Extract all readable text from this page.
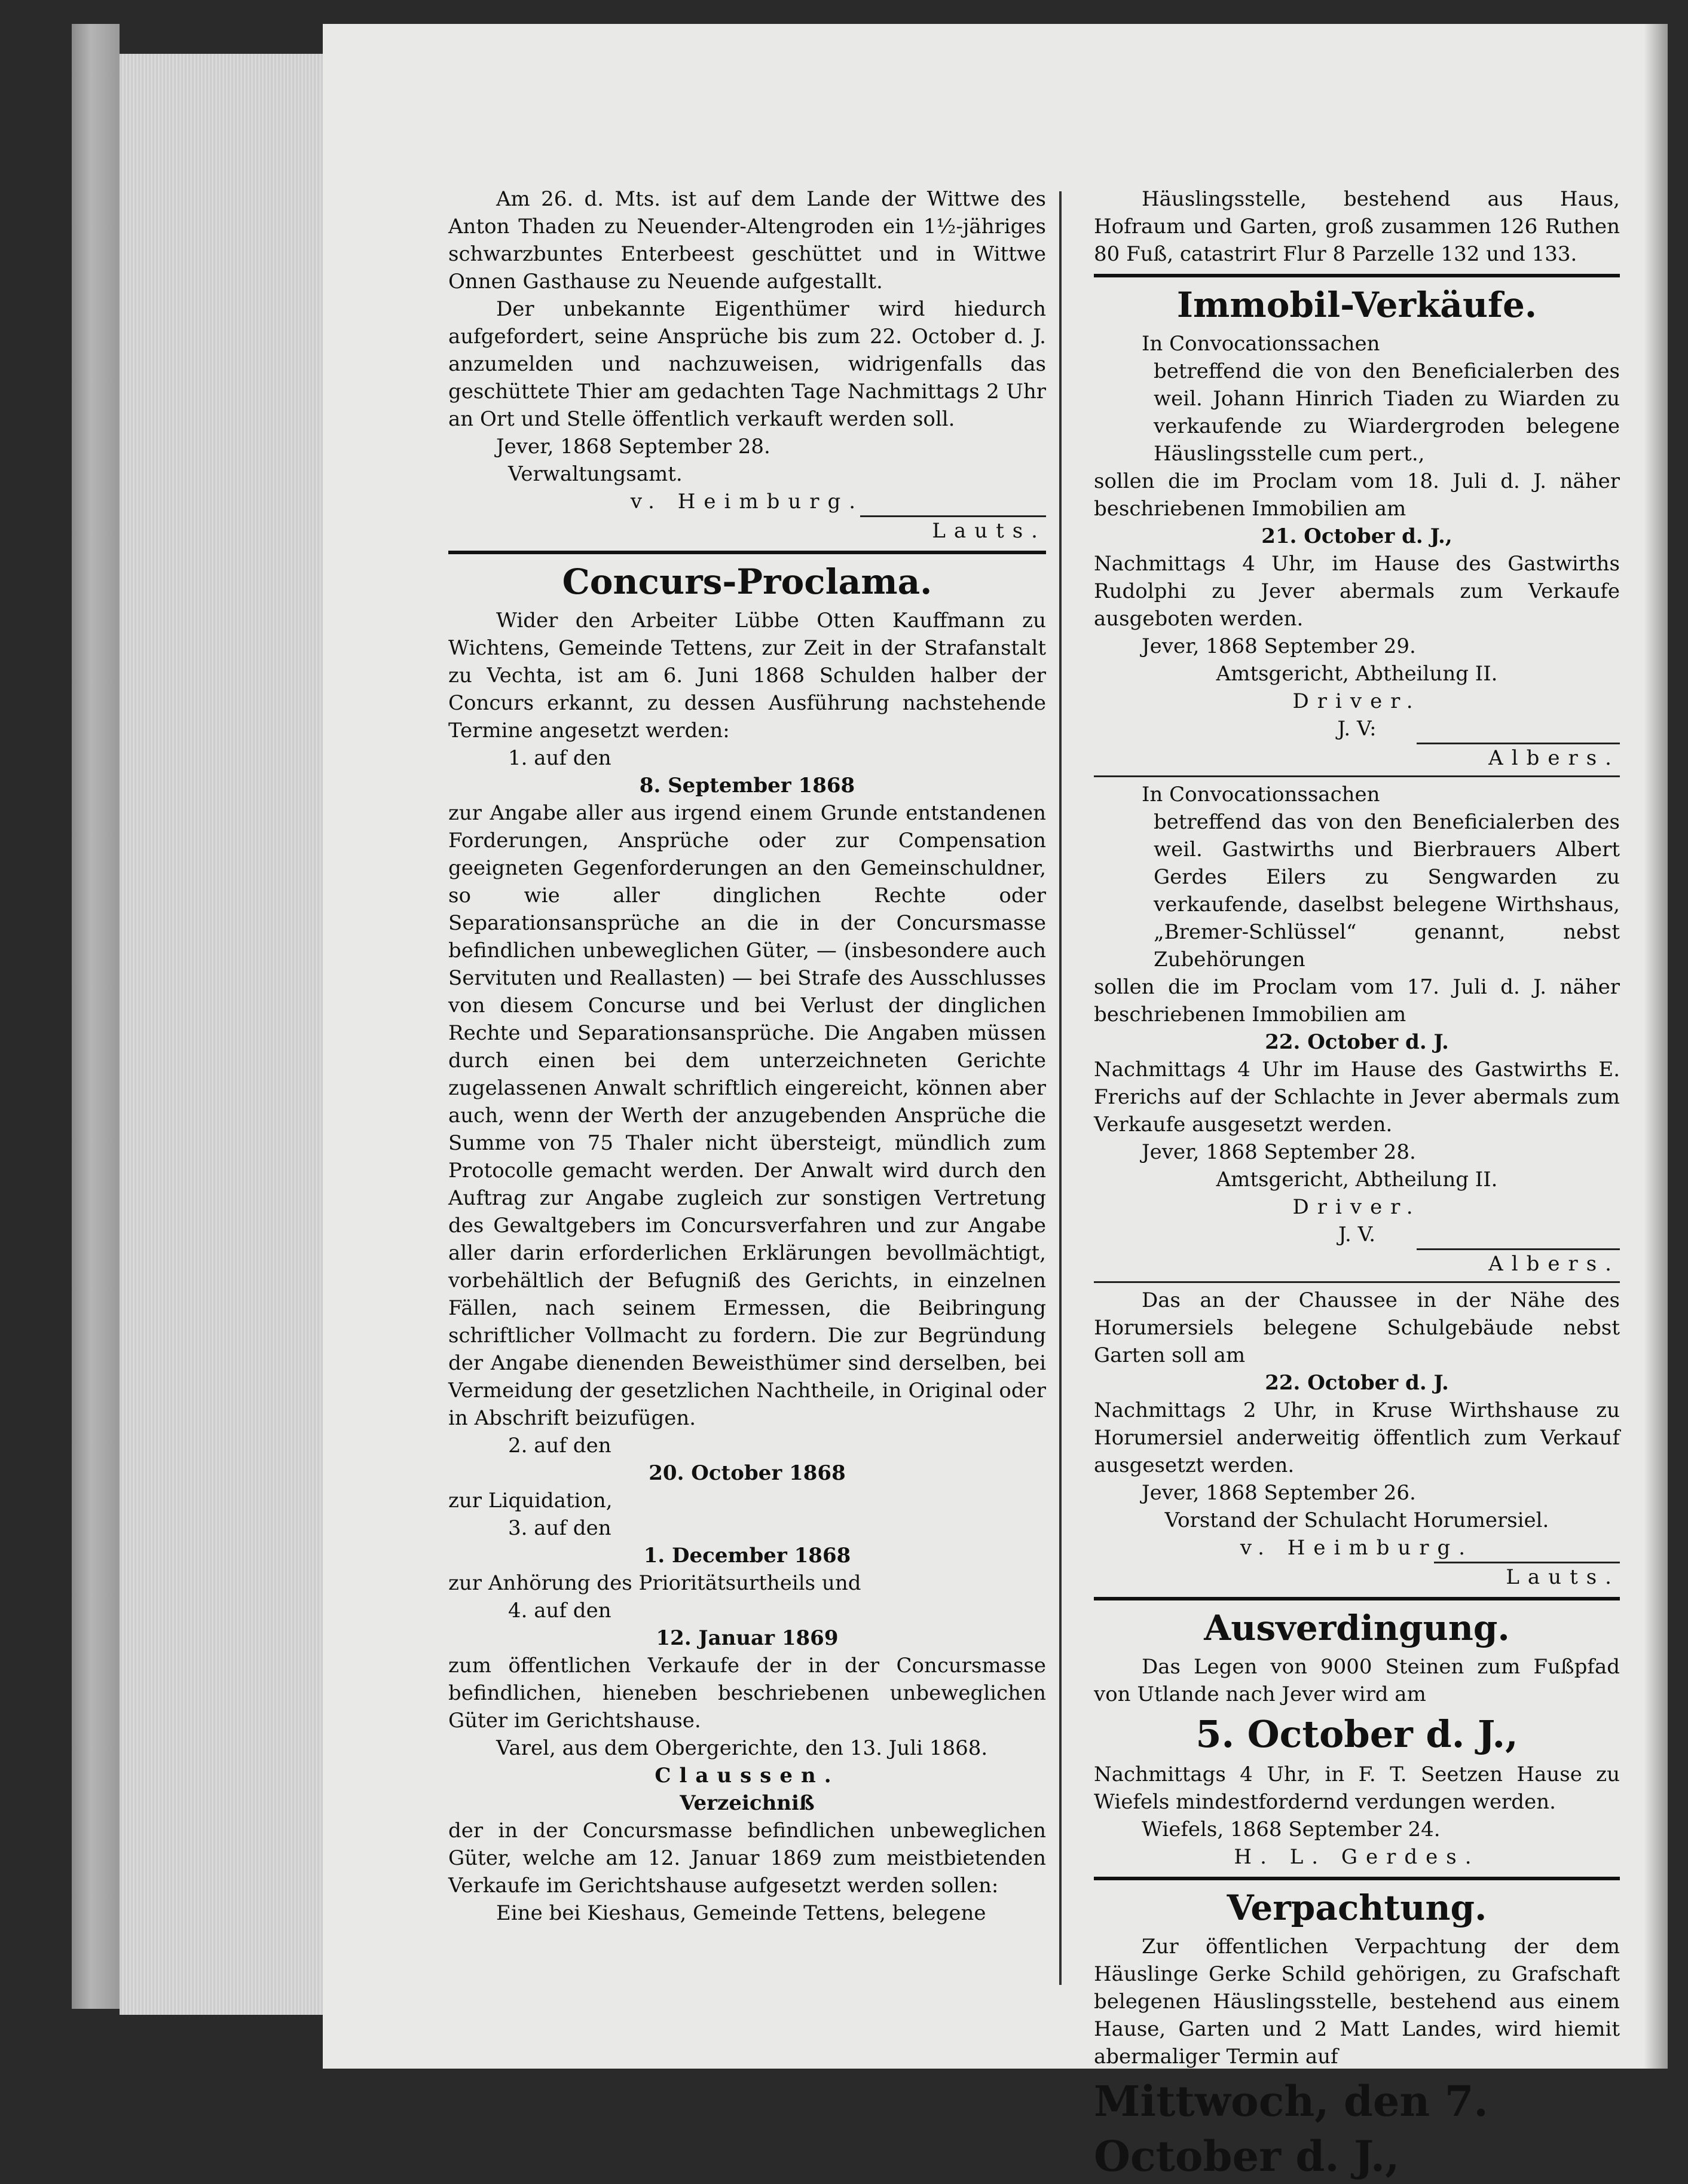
Am 26. d. Mts. ist auf dem Lande der Wittwe des Anton Thaden zu Neuender-Altengroden ein 1½-jähriges schwarzbuntes Enterbeest geschüttet und in Wittwe Onnen Gasthause zu Neuende aufgestallt.

Der unbekannte Eigenthümer wird hiedurch aufgefordert, seine Ansprüche bis zum 22. October d. J. anzumelden und nachzuweisen, widrigenfalls das geschüttete Thier am gedachten Tage Nachmittags 2 Uhr an Ort und Stelle öffentlich verkauft werden soll.

Jever, 1868 September 28.

Verwaltungsamt.

v. Heimburg.

Lauts.
Concurs-Proclama.

Wider den Arbeiter Lübbe Otten Kauffmann zu Wichtens, Gemeinde Tettens, zur Zeit in der Strafanstalt zu Vechta, ist am 6. Juni 1868 Schulden halber der Concurs erkannt, zu dessen Ausführung nachstehende Termine angesetzt werden:

1. auf den

8. September 1868

zur Angabe aller aus irgend einem Grunde entstandenen Forderungen, Ansprüche oder zur Compensation geeigneten Gegenforderungen an den Gemeinschuldner, so wie aller dinglichen Rechte oder Separationsansprüche an die in der Concursmasse befindlichen unbeweglichen Güter, — (insbesondere auch Servituten und Reallasten) — bei Strafe des Ausschlusses von diesem Concurse und bei Verlust der dinglichen Rechte und Separationsansprüche. Die Angaben müssen durch einen bei dem unterzeichneten Gerichte zugelassenen Anwalt schriftlich eingereicht, können aber auch, wenn der Werth der anzugebenden Ansprüche die Summe von 75 Thaler nicht übersteigt, mündlich zum Protocolle gemacht werden. Der Anwalt wird durch den Auftrag zur Angabe zugleich zur sonstigen Vertretung des Gewaltgebers im Concursverfahren und zur Angabe aller darin erforderlichen Erklärungen bevollmächtigt, vorbehältlich der Befugniß des Gerichts, in einzelnen Fällen, nach seinem Ermessen, die Beibringung schriftlicher Vollmacht zu fordern. Die zur Begründung der Angabe dienenden Beweisthümer sind derselben, bei Vermeidung der gesetzlichen Nachtheile, in Original oder in Abschrift beizufügen.

2. auf den

20. October 1868

zur Liquidation,

3. auf den

1. December 1868

zur Anhörung des Prioritätsurtheils und

4. auf den

12. Januar 1869

zum öffentlichen Verkaufe der in der Concursmasse befindlichen, hieneben beschriebenen unbeweglichen Güter im Gerichtshause.

Varel, aus dem Obergerichte, den 13. Juli 1868.

Claussen.

Verzeichniß

der in der Concursmasse befindlichen unbeweglichen Güter, welche am 12. Januar 1869 zum meistbietenden Verkaufe im Gerichtshause aufgesetzt werden sollen:

Eine bei Kieshaus, Gemeinde Tettens, belegene

Häuslingsstelle, bestehend aus Haus, Hofraum und Garten, groß zusammen 126 Ruthen 80 Fuß, catastrirt Flur 8 Parzelle 132 und 133.

Immobil-Verkäufe.

In Convocationssachen

betreffend die von den Beneficialerben des weil. Johann Hinrich Tiaden zu Wiarden zu verkaufende zu Wiardergroden belegene Häuslingsstelle cum pert.,

sollen die im Proclam vom 18. Juli d. J. näher beschriebenen Immobilien am

21. October d. J.,

Nachmittags 4 Uhr, im Hause des Gastwirths Rudolphi zu Jever abermals zum Verkaufe ausgeboten werden.

Jever, 1868 September 29.

Amtsgericht, Abtheilung II.

Driver.

J. V:

Albers.

In Convocationssachen

betreffend das von den Beneficialerben des weil. Gastwirths und Bierbrauers Albert Gerdes Eilers zu Sengwarden zu verkaufende, daselbst belegene Wirthshaus, „Bremer-Schlüssel“ genannt, nebst Zubehörungen

sollen die im Proclam vom 17. Juli d. J. näher beschriebenen Immobilien am

22. October d. J.

Nachmittags 4 Uhr im Hause des Gastwirths E. Frerichs auf der Schlachte in Jever abermals zum Verkaufe ausgesetzt werden.

Jever, 1868 September 28.

Amtsgericht, Abtheilung II.

Driver.

J. V.

Albers.

Das an der Chaussee in der Nähe des Horumersiels belegene Schulgebäude nebst Garten soll am

22. October d. J.

Nachmittags 2 Uhr, in Kruse Wirthshause zu Horumersiel anderweitig öffentlich zum Verkauf ausgesetzt werden.

Jever, 1868 September 26.

Vorstand der Schulacht Horumersiel.

v. Heimburg.

Lauts.
Ausverdingung.

Das Legen von 9000 Steinen zum Fußpfad von Utlande nach Jever wird am

5. October d. J.,

Nachmittags 4 Uhr, in F. T. Seetzen Hause zu Wiefels mindestfordernd verdungen werden.

Wiefels, 1868 September 24.

H. L. Gerdes.

Verpachtung.

Zur öffentlichen Verpachtung der dem Häuslinge Gerke Schild gehörigen, zu Grafschaft belegenen Häuslingsstelle, bestehend aus einem Hause, Garten und 2 Matt Landes, wird hiemit abermaliger Termin auf

Mittwoch, den 7. October d. J.,
